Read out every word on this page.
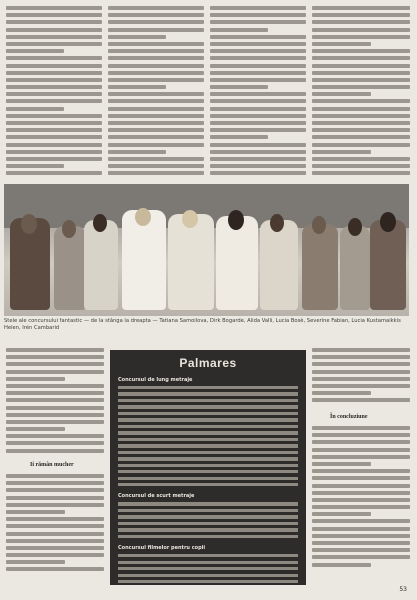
Stele ale concursului fantastic — de la stânga la dreapta — Tatiana Samoilova, Dirk Bogarde, Alida Valli, Lucia Bosè, Severine Fabian, Lucia Kustamaikkis Helen, Irén Cambarid
Ii rămân mucher
Palmares
Concursul de lung metraje
Concursul de scurt metraje
Concursul filmelor pentru copii
În concluziune
53
